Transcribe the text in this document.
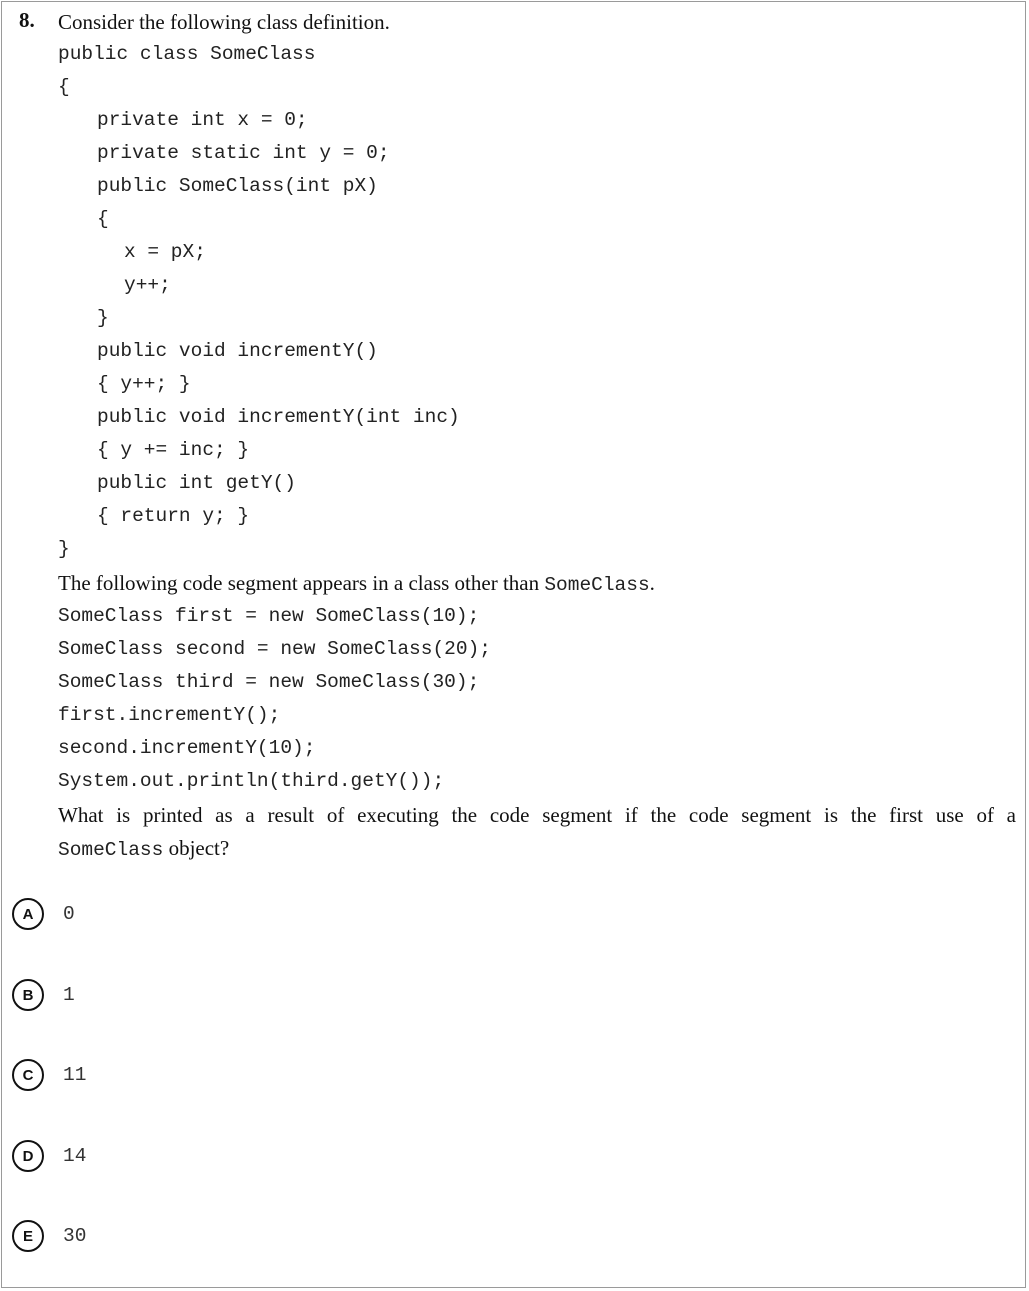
8. Consider the following class definition.
public class SomeClass
{
private int x = 0;
private static int y = 0;
public SomeClass(int pX)
{
x = pX;
y++;
}
public void incrementY()
{ y++; }
public void incrementY(int inc)
{ y += inc; }
public int getY()
{ return y; }
}
The following code segment appears in a class other than SomeClass.
SomeClass first = new SomeClass(10);
SomeClass second = new SomeClass(20);
SomeClass third = new SomeClass(30);
first.incrementY();
second.incrementY(10);
System.out.println(third.getY());
What is printed as a result of executing the code segment if the code segment is the first use of a
SomeClass object?
A	0
B	1
C	11
D	14
E	30
